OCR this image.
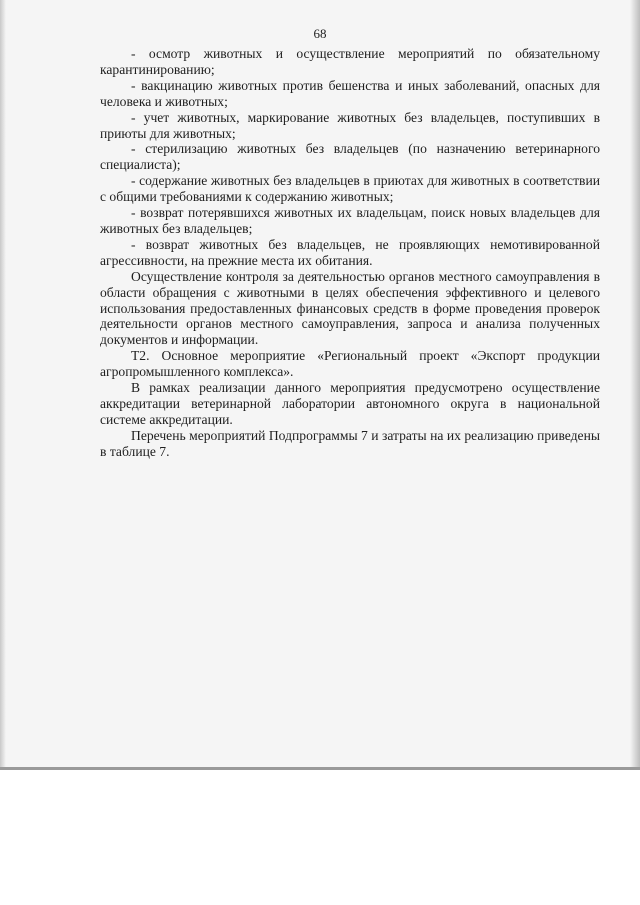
68

- осмотр животных и осуществление мероприятий по обязательному карантинированию;

- вакцинацию животных против бешенства и иных заболеваний, опасных для человека и животных;

- учет животных, маркирование животных без владельцев, поступивших в приюты для животных;

- стерилизацию животных без владельцев (по назначению ветеринарного специалиста);

- содержание животных без владельцев в приютах для животных в соответствии с общими требованиями к содержанию животных;

- возврат потерявшихся животных их владельцам, поиск новых владельцев для животных без владельцев;

- возврат животных без владельцев, не проявляющих немотивированной агрессивности, на прежние места их обитания.

Осуществление контроля за деятельностью органов местного самоуправления в области обращения с животными в целях обеспечения эффективного и целевого использования предоставленных финансовых средств в форме проведения проверок деятельности органов местного самоуправления, запроса и анализа полученных документов и информации.

Т2. Основное мероприятие «Региональный проект «Экспорт продукции агропромышленного комплекса».

В рамках реализации данного мероприятия предусмотрено осуществление аккредитации ветеринарной лаборатории автономного округа в национальной системе аккредитации.

Перечень мероприятий Подпрограммы 7 и затраты на их реализацию приведены в таблице 7.
